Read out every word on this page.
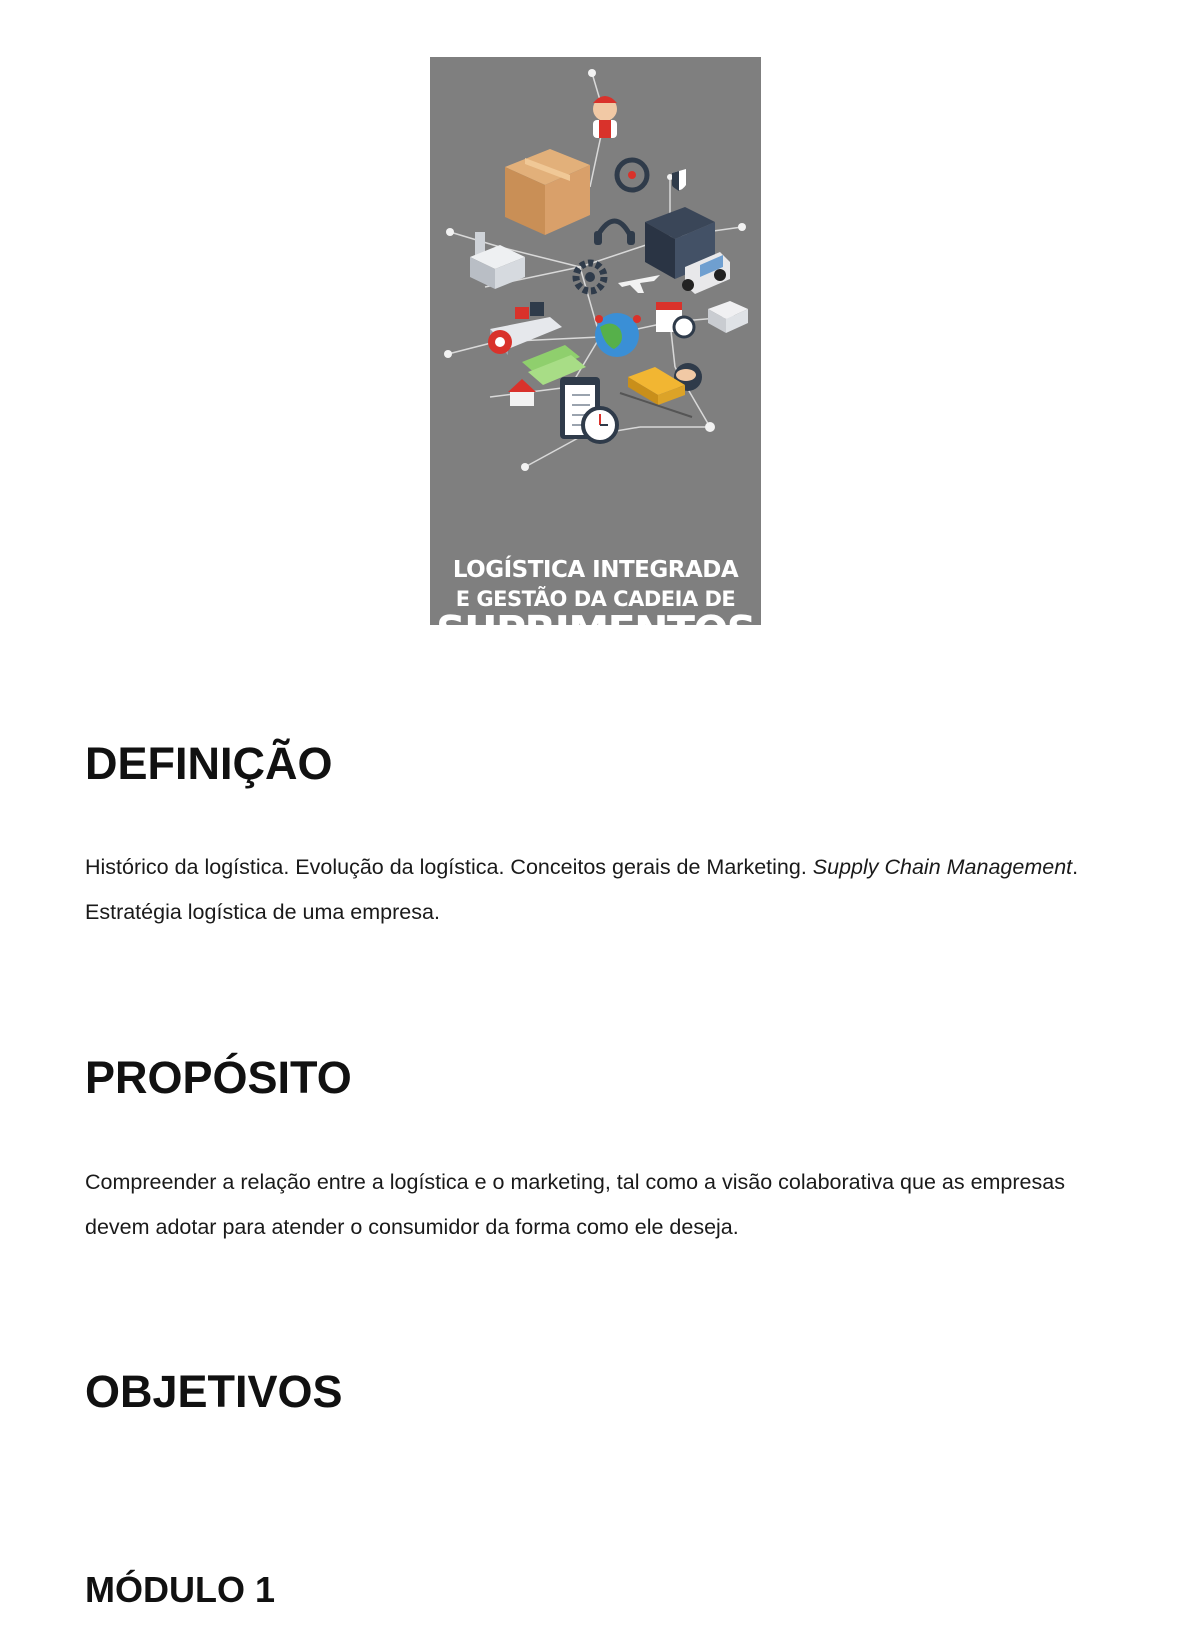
LOGÍSTICA INTEGRADA
E GESTÃO DA CADEIA DE
SUPRIMENTOS
DEFINIÇÃO

Histórico da logística. Evolução da logística. Conceitos gerais de Marketing. Supply Chain Management. Estratégia logística de uma empresa.

PROPÓSITO

Compreender a relação entre a logística e o marketing, tal como a visão colaborativa que as empresas devem adotar para atender o consumidor da forma como ele deseja.

OBJETIVOS
MÓDULO 1
